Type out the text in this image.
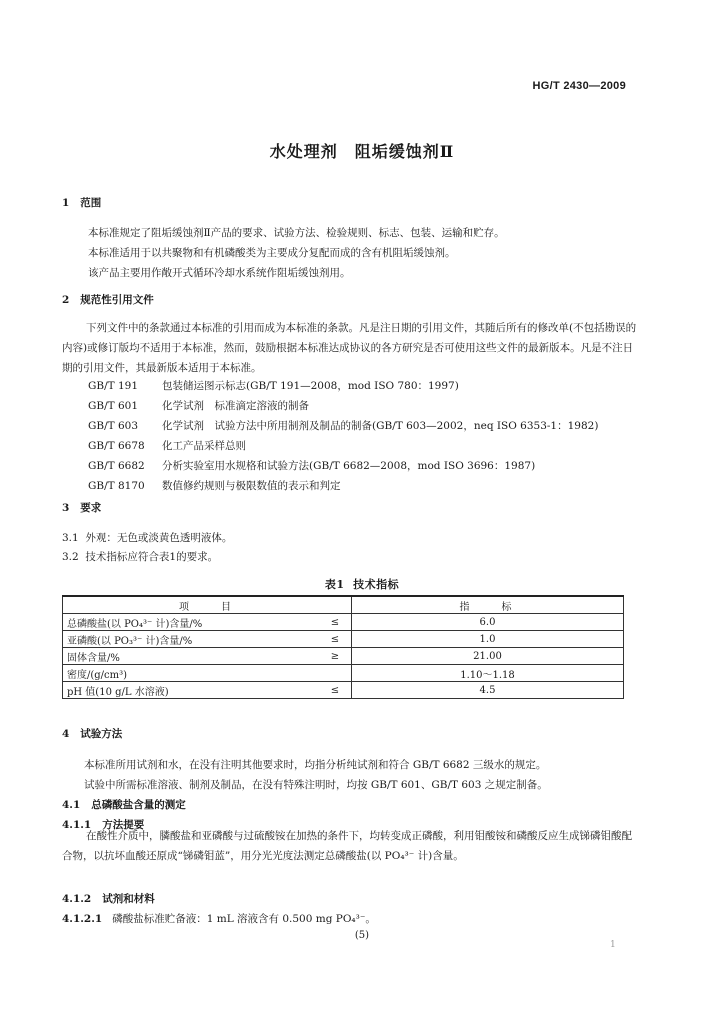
HG/T 2430—2009
水处理剂　阻垢缓蚀剂Ⅱ
1 范围
本标准规定了阻垢缓蚀剂Ⅱ产品的要求、试验方法、检验规则、标志、包装、运输和贮存。
本标准适用于以共聚物和有机磷酸类为主要成分复配而成的含有机阻垢缓蚀剂。
该产品主要用作敞开式循环冷却水系统作阻垢缓蚀剂用。
2 规范性引用文件
下列文件中的条款通过本标准的引用而成为本标准的条款。凡是注日期的引用文件，其随后所有的修改单(不包括勘误的内容)或修订版均不适用于本标准，然而，鼓励根据本标准达成协议的各方研究是否可使用这些文件的最新版本。凡是不注日期的引用文件，其最新版本适用于本标准。
GB/T 191 包装储运图示标志(GB/T 191—2008，mod ISO 780：1997)
GB/T 601 化学试剂　标准滴定溶液的制备
GB/T 603 化学试剂　试验方法中所用制剂及制品的制备(GB/T 603—2002，neq ISO 6353-1：1982)
GB/T 6678 化工产品采样总则
GB/T 6682 分析实验室用水规格和试验方法(GB/T 6682—2008，mod ISO 3696：1987)
GB/T 8170 数值修约规则与极限数值的表示和判定
3 要求
3.1 外观：无色或淡黄色透明液体。
3.2 技术指标应符合表1的要求。
表1 技术指标
项　　目		指　　标
总磷酸盐(以 PO₄³⁻ 计)含量/%	≤	6.0
亚磷酸(以 PO₃³⁻ 计)含量/%	≤	1.0
固体含量/%	≥	21.00
密度/(g/cm³)		1.10～1.18
pH 值(10 g/L 水溶液)	≤	4.5
4 试验方法
本标准所用试剂和水，在没有注明其他要求时，均指分析纯试剂和符合 GB/T 6682 三级水的规定。
试验中所需标准溶液、制剂及制品，在没有特殊注明时，均按 GB/T 601、GB/T 603 之规定制备。
4.1 总磷酸盐含量的测定
4.1.1 方法提要
在酸性介质中，膦酸盐和亚磷酸与过硫酸铵在加热的条件下，均转变成正磷酸，利用钼酸铵和磷酸反应生成锑磷钼酸配合物，以抗坏血酸还原成“锑磷钼蓝”，用分光光度法测定总磷酸盐(以 PO₄³⁻ 计)含量。
4.1.2 试剂和材料
4.1.2.1 磷酸盐标准贮备液：1 mL 溶液含有 0.500 mg PO₄³⁻。
(5)
1
